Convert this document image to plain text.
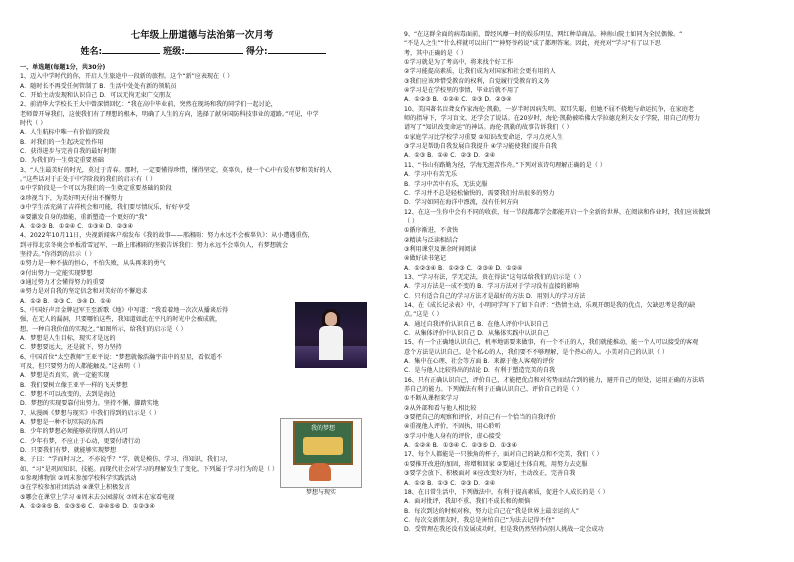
七年级上册道德与法治第一次月考
姓名:	班级:	得分:
一、单选题(每题1分，共30分)
1、迈入中学时代的你，开启人生旅途中一段新的旅程。这个“新”应表现在（ ）
A．随时长不再受任何管制了 B．生活中处处有新的领航员
C．开始主动发现和认识自己 D．可以无拘无束广交朋友
2、前清华大学校长王大中曾深情回忆：“我在高中毕业前，突然在现场和我的同学们一起讨论，
老师曾开导我们，这使我们有了理想的根本，明确了人生的方向，选择了献身国防科技事业的道路。”可见，中学
时代（ ）
A．人生航标中唯一有价值的阶段
B．对我们的一生起决定性作用
C．获得进步与完善自我的最好时期
D．为我们的一生奠定重要基础
3、“人生最美好的时光，莫过于青春。那时，一定要懂得珍惜，懂得坚定，莫辜负，使一个心中有爱有梦和美好的人
。”这些话对于正处于中学阶段的我们的启示有（ ）
①中学阶段是一个可以为我们的一生奠定重要基础的阶段
②珍视当下，为美好明天付出不懈努力
③中学生活充满了吉祥机会和可能，我们要尽情玩乐，好好享受
④要激发自身的潜能，重新塑造一个更好的“我”
A．①②③ B．①②④ C．①③④ D．②③④
4、2022年10月11日，央视新闻客户端发布《我的故事——邢湘雨：努力永远不会被辜负》：从小遭遇重伤，
到寻得北京冬奥会单板滑雪冠军，一路上邢湘雨的坚毅告诉我们：努力永远不会辜负人，有梦想就会
坚持去。”你得到的启示（ ）
①努力是一种不拔的恒心，不怕失败，从头再来的勇气
②付出努力一定能实现梦想
③通过努力才会懂得努力的重要
④努力是对自我的坚定信念和对美好的不懈追求
A．①② B．②③ C．③④ D．①④
5、中国好声音金牌冠军王至新歌《地》中写道：“我看着地一次次从播谈后得
强，在无人的漏洞，只要哪怕这些，我知道如此在平凡的时光中会被成就，
想，一种自我价值的实现之。”如图所示，给我们的启示是（ ）
A．梦想是人生目标，现实才是远的
C．梦想要远大，还是就下，努力坚持
6、中国首位“太空教师”王亚平说：“梦想就像浩瀚宇宙中的星星，看似遥不
可及，但只要努力的人都能触及。”这表明（ ）
A．梦想是否真实，就一定能实现
B．我们要树立像王亚平一样的飞天梦想
C．梦想不可以改变的，去到是海边
D．梦想的实现要靠付出努力，坚持不懈，脚踏实地
7、从漫画《梦想与现实》中我们得到的启示是（ ）
A．梦想是一种不切实际的东西
B．少年的梦想必须能够获得别人的认可
C．少年有梦，不应止于心动，更要付诸行动
D．只要我们有梦，就能够实现梦想
8、子曰：“学而时习之，不亦说乎？”学，就是模仿、学习、得知识，我们习，
如，“习”是巩固知识，技能。而现代社会对学习的理解发生了变化，下列属于学习行为的是（ ）
①参观博物馆 ②周末参加学校科学实践活动
③在学校参加社团活动 ④课堂上积极发言
⑤哪会在课堂上学习 ⑥周末去公园游玩 ⑦周末在家看电视
A．①②④⑤ B．①③⑤⑥ C．②④⑤⑥ D．①②③④
我的梦想
梦想与现实
9、“在这群全面的病毒面前，曾经风靡一时的娱乐明星、网红种草商品、神南山院士如同为全民偶像。“
“不是人之生”“什么样就可以出门”“神努爷药说”成了都理答案。因此，亮亮对“学习”有了以下思
考，其中正确的是（ ）
①学习就是为了考高中，将来找个好工作
②学习能提高素质，让我们成为对国家和社会更有用的人
③我们应该珍惜受教育的权利，自觉履行受教育的义务
④学习是在学校里的事情，毕业后就不用了
A．①②③ B．①②④ C．②③ D．②③④
10、美国著名盲聋女作家海伦·凯勒，一岁半时因病失明、双耳失聪，但她不屈不挠地与命运抗争，在家庭老
师的指导下，学习盲文、还学会了说话。在20岁时，海伦·凯勒被哈佛大学拉德克利夫女子学院，用自己的努力
谱写了“知识改变命运”的神话。海伦·凯勒的故事告诉我们（ ）
①家庭学习比学校学习重要 ②知识改变命运，学习点亮人生
③学习是帮助自我发展自我提升 ④学习能使我们提升自我
A．①③ B．①④ C．②③ D．②④
11、“书山有路勤为径，学海无涯苦作舟。”下列对该诗句理解正确的是（ ）
A．学习中有苦无乐
B．学习中苦中有乐，无法克服
C．学习并不总是轻松愉快的，需要我们付出很多的努力
D．学习如同在海洋中漂流，没有任何方向
12、在这一生你中会有不同的收获，每一节段都都学会都能开启一个全新的世界，在阅读和作业时，我们应该做到
（ ）
①循序渐进，不贪快
②精读与泛读相结合
③利用课堂及课余时间阅读
④做好读书笔记
A．①②③④ B．①②③ C．②③④ D．①②④
13、“学习有法，学无定法，贵在得法”这句话给我们的启示是（ ）
A．学习方法是一成不变的 B．学习方法对于学习没有直接的影响
C．只有适合自己的学习方法才是最好的方法 D．用别人的学习方法
14、在《成长记录表》中，小明同学写下了如下自评：“热情主动，乐观开朗是我的优点，欠缺思考是我的缺
点。”这是（ ）
A．通过自我评价认识自己 B．在他人评价中认识自己
C．从集体评价中认识自己 D．从集体实践中认识自己
15、有一个正确地认识自己，机率地需要来做事，有一个不正的人，我们就能推动，能一个人可以接受的客观
意个方法是认识自己。是个私心的人，我们要不不够理解，是个热心的人。小美对自己的认识（ ）
A．集中在心理、社会等方面 B．来源于他人客观的评价
C．是与他人比较得出的结论 D．有利于塑造完美的自我
16、只有正确认识自己，评价自己，才能把优点和对劣势而结合到的能力，避开自己的短处，运用正确的方法培
养自己的能力。下列做法有利于正确认识自己、评价自己的是（ ）
①不断从课程来学习
②从外部和看与他人相比较
③要把自己的观察和评价，对自己有一个恰当的自我评价
④重视他人评价，不固执，用心聆听
⑤学习中他人身有的评价，虚心接受
A．①②④ B．①③④ C．②③⑤ D．①③④
17、每个人都能是一只独角的杯子，面对自己的缺点和不完美，我们（ ）
①要推开改进的加固，将增和回家 ②要通过主体自观，用努力去克服
③要学会放下、积极面对 ④应改变好为好，主动改正，完善自我
A．①② B．①③ C．②③ D．②④
18、在日常生活中，下列做法中，有利于提高素质，促进个人成长的是（ ）
A．面对批评，我却不重，我们不成长和的烦恼
B．每次到达的时候对称，努力让自己在“我是世界上最幸运的人”
C．每次交新朋友时，我总是害怕自己“为法去记得不住”
D．受管理在我还没有发展成功时，但是我仍然坚持向别人挑战一定会成功
